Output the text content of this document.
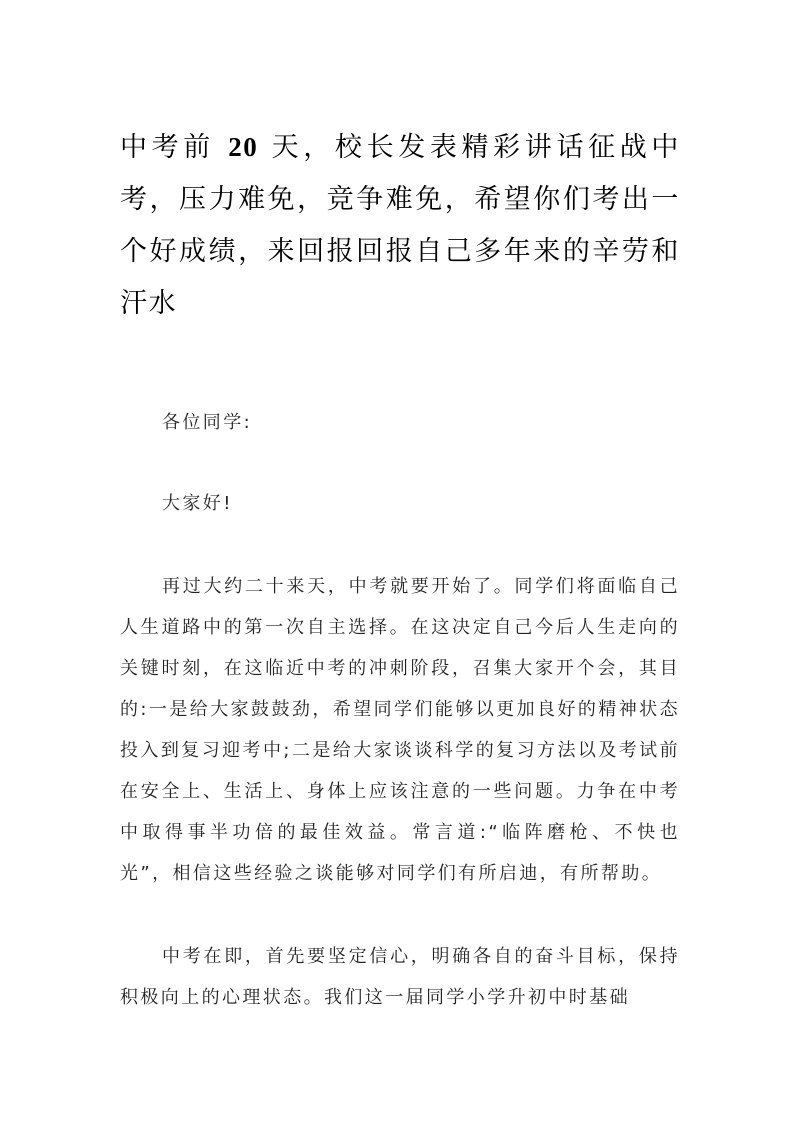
中考前 20 天，校长发表精彩讲话征战中考，压力难免，竞争难免，希望你们考出一个好成绩，来回报回报自己多年来的辛劳和汗水

各位同学:

大家好!

再过大约二十来天，中考就要开始了。同学们将面临自己人生道路中的第一次自主选择。在这决定自己今后人生走向的关键时刻，在这临近中考的冲刺阶段，召集大家开个会，其目的:一是给大家鼓鼓劲，希望同学们能够以更加良好的精神状态投入到复习迎考中;二是给大家谈谈科学的复习方法以及考试前在安全上、生活上、身体上应该注意的一些问题。力争在中考中取得事半功倍的最佳效益。常言道:“临阵磨枪、不快也光”，相信这些经验之谈能够对同学们有所启迪，有所帮助。

中考在即，首先要坚定信心，明确各自的奋斗目标，保持积极向上的心理状态。我们这一届同学小学升初中时基础
